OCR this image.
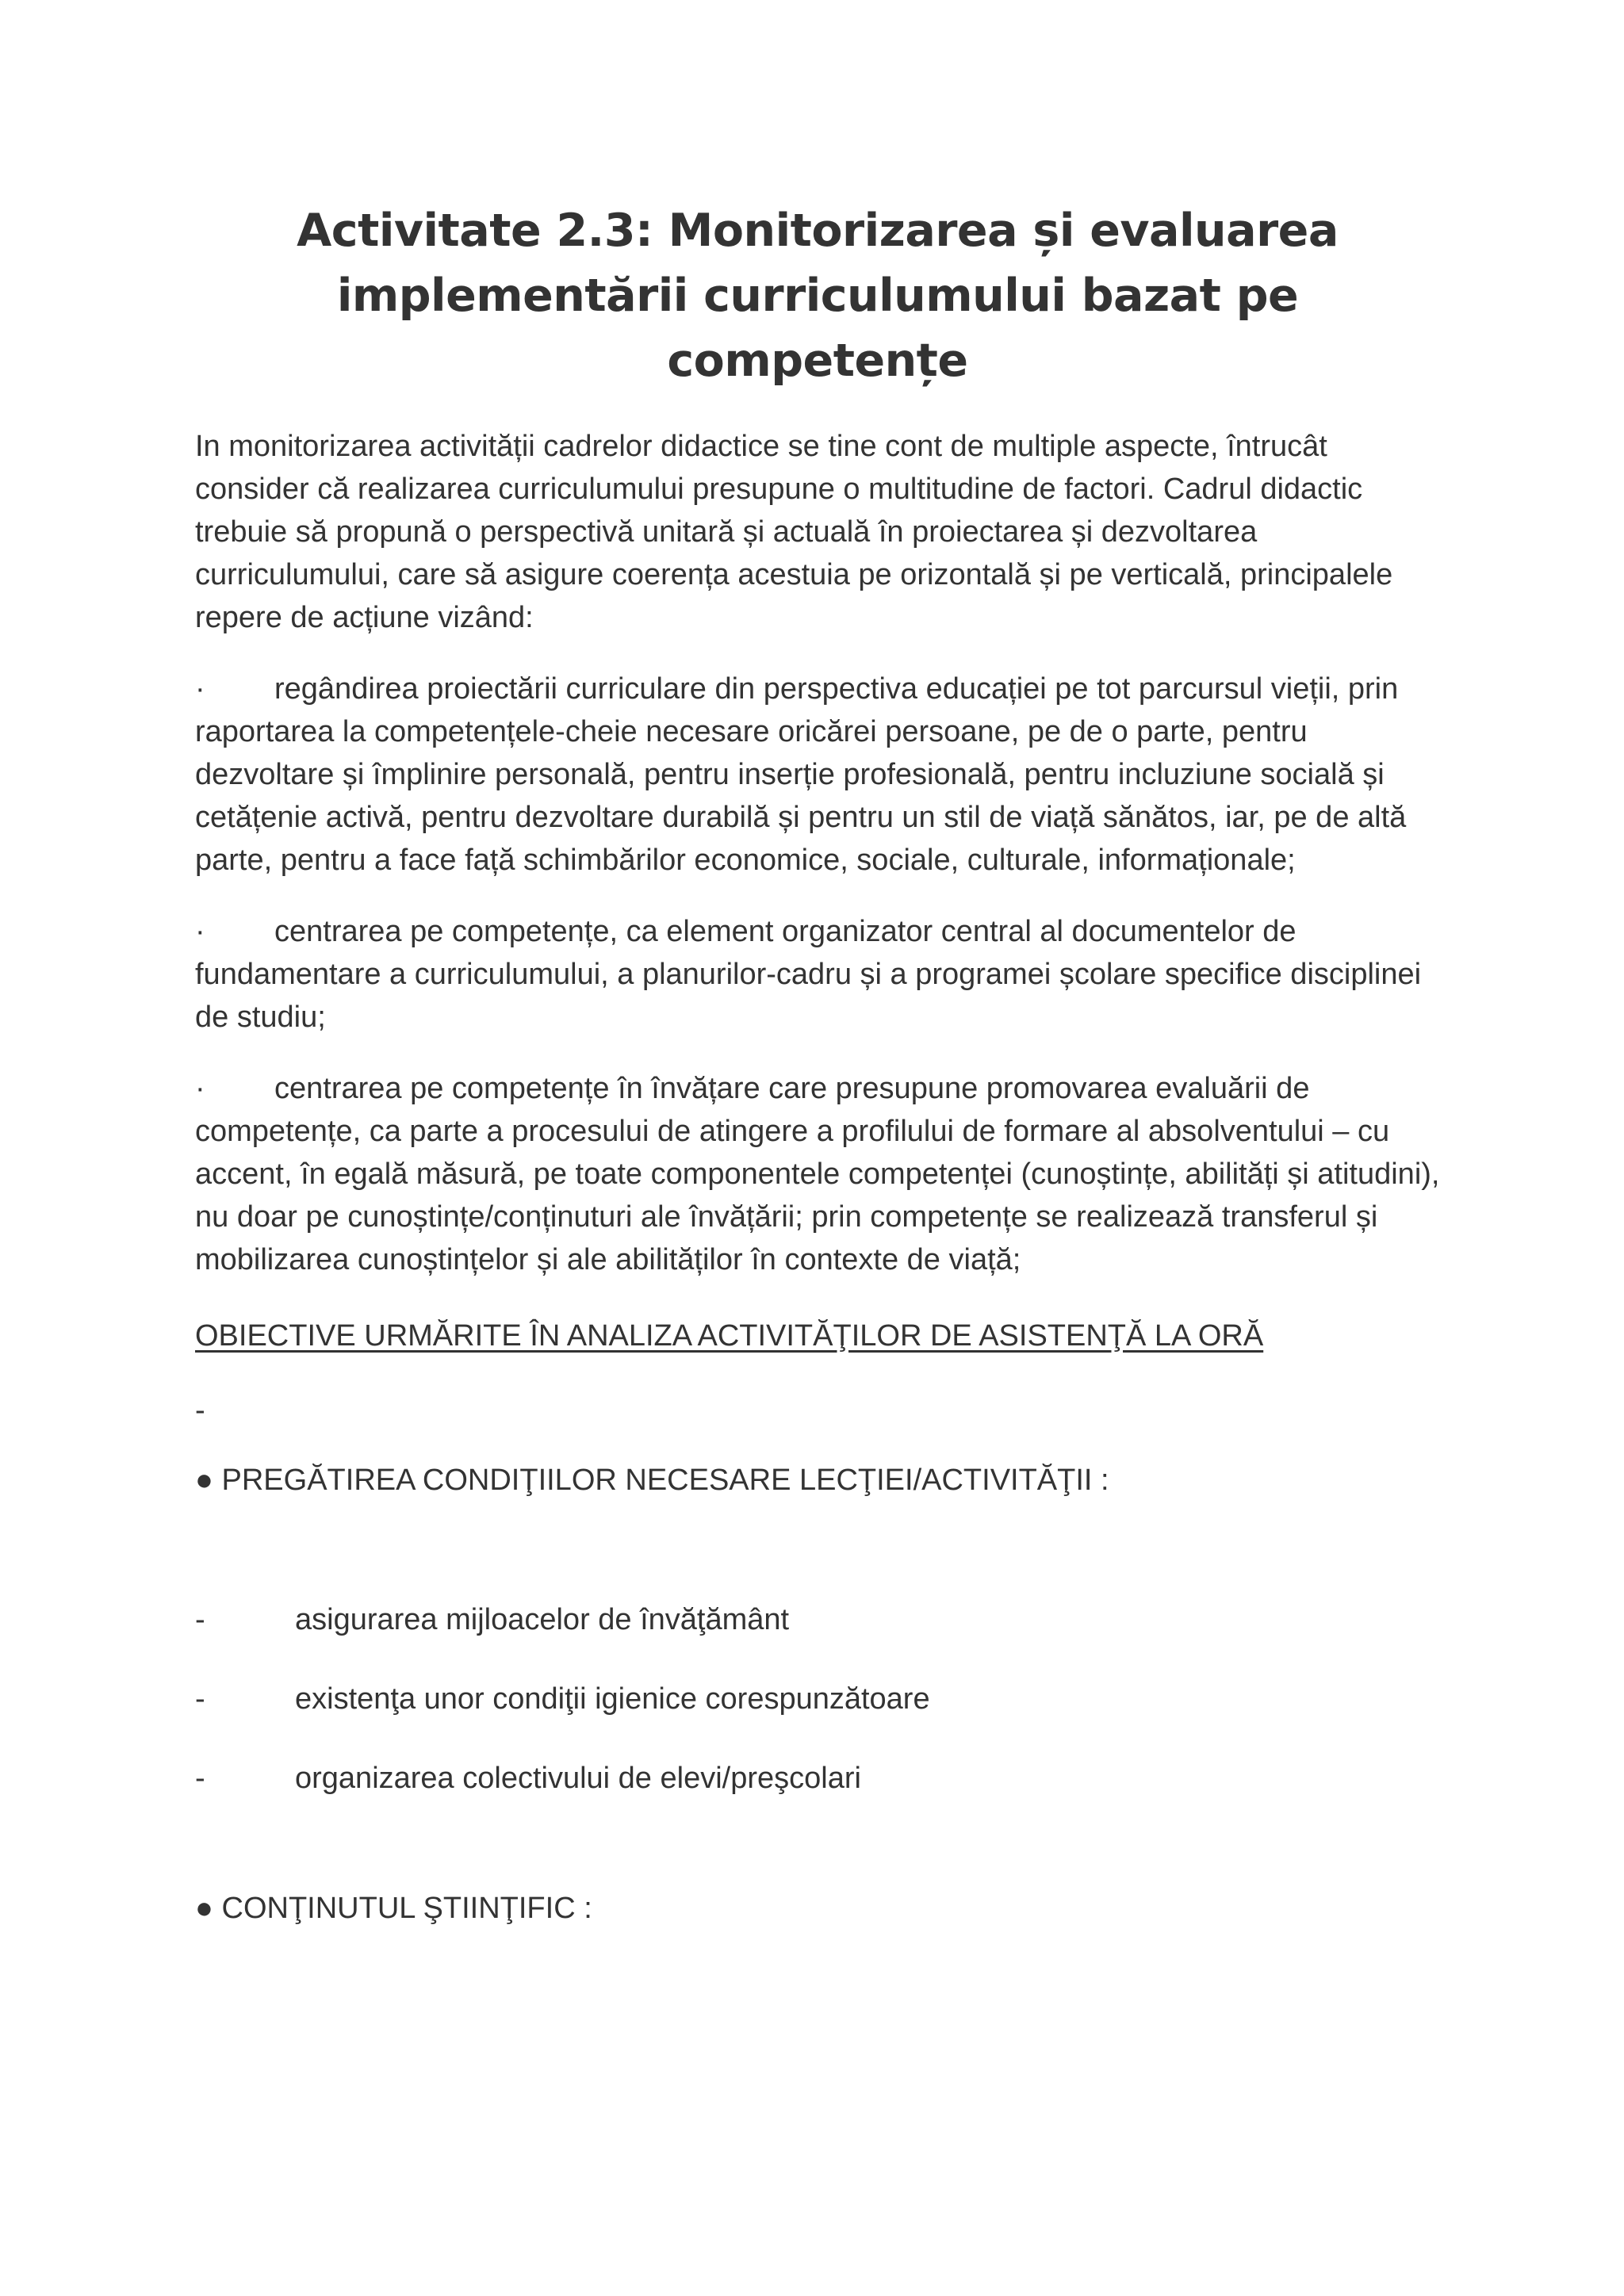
Activitate 2.3: Monitorizarea și evaluarea
implementării curriculumului bazat pe competențe

In monitorizarea activității cadrelor didactice se tine cont de multiple aspecte, întrucât consider că realizarea curriculumului presupune o multitudine de factori. Cadrul didactic trebuie să propună o perspectivă unitară și actuală în proiectarea și dezvoltarea curriculumului, care să asigure coerența acestuia pe orizontală și pe verticală, principalele repere de acțiune vizând:

· regândirea proiectării curriculare din perspectiva educației pe tot parcursul vieții, prin raportarea la competențele-cheie necesare oricărei persoane, pe de o parte, pentru dezvoltare și împlinire personală, pentru inserție profesională, pentru incluziune socială și cetățenie activă, pentru dezvoltare durabilă și pentru un stil de viață sănătos, iar, pe de altă parte, pentru a face față schimbărilor economice, sociale, culturale, informaționale;

· centrarea pe competențe, ca element organizator central al documentelor de fundamentare a curriculumului, a planurilor-cadru și a programei școlare specifice disciplinei de studiu;

· centrarea pe competențe în învățare care presupune promovarea evaluării de competențe, ca parte a procesului de atingere a profilului de formare al absolventului – cu accent, în egală măsură, pe toate componentele competenței (cunoștințe, abilități și atitudini), nu doar pe cunoștințe/conținuturi ale învățării; prin competențe se realizează transferul și mobilizarea cunoștințelor și ale abilităților în contexte de viață;

OBIECTIVE URMĂRITE ÎN ANALIZA ACTIVITĂŢILOR DE ASISTENŢĂ LA ORĂ

-

● PREGĂTIREA CONDIŢIILOR NECESARE LECŢIEI/ACTIVITĂŢII :

-	asigurarea mijloacelor de învăţământ
-	existenţa unor condiţii igienice corespunzătoare
-	organizarea colectivului de elevi/preşcolari

● CONŢINUTUL ŞTIINŢIFIC :
